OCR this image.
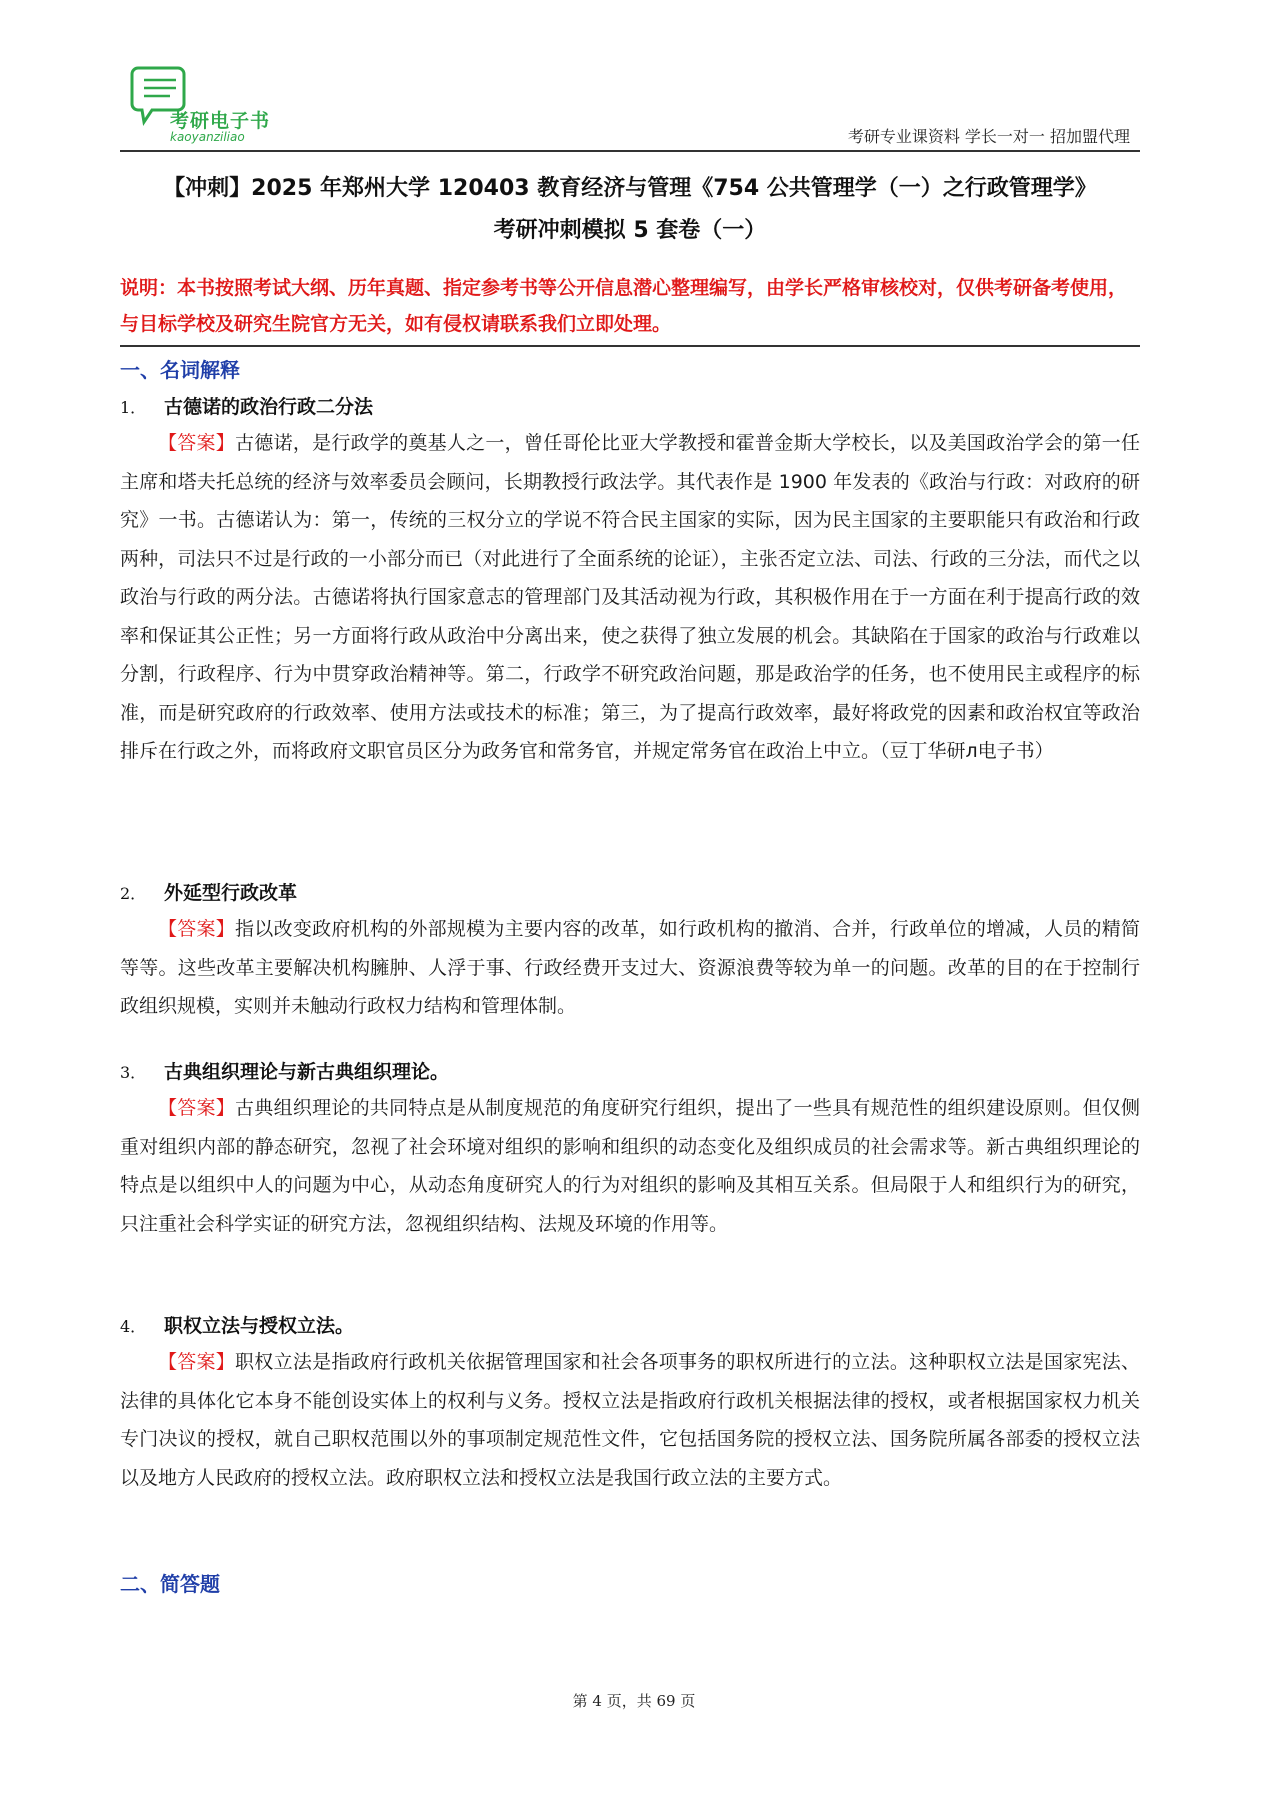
考研电子书
kaoyanziliao	考研专业课资料 学长一对一 招加盟代理
【冲刺】2025 年郑州大学 120403 教育经济与管理《754 公共管理学（一）之行政管理学》
考研冲刺模拟 5 套卷（一）
说明：本书按照考试大纲、历年真题、指定参考书等公开信息潜心整理编写，由学长严格审核校对，仅供考研备考使用，与目标学校及研究生院官方无关，如有侵权请联系我们立即处理。
一、名词解释
1． 古德诺的政治行政二分法
【答案】古德诺，是行政学的奠基人之一，曾任哥伦比亚大学教授和霍普金斯大学校长，以及美国政治学会的第一任主席和塔夫托总统的经济与效率委员会顾问，长期教授行政法学。其代表作是 1900 年发表的《政治与行政：对政府的研究》一书。古德诺认为：第一，传统的三权分立的学说不符合民主国家的实际，因为民主国家的主要职能只有政治和行政两种，司法只不过是行政的一小部分而已（对此进行了全面系统的论证），主张否定立法、司法、行政的三分法，而代之以政治与行政的两分法。古德诺将执行国家意志的管理部门及其活动视为行政，其积极作用在于一方面在利于提高行政的效率和保证其公正性；另一方面将行政从政治中分离出来，使之获得了独立发展的机会。其缺陷在于国家的政治与行政难以分割，行政程序、行为中贯穿政治精神等。第二，行政学不研究政治问题，那是政治学的任务，也不使用民主或程序的标准，而是研究政府的行政效率、使用方法或技术的标准；第三，为了提高行政效率，最好将政党的因素和政治权宜等政治排斥在行政之外，而将政府文职官员区分为政务官和常务官，并规定常务官在政治上中立。（豆丁华研л电子书）
2． 外延型行政改革
【答案】指以改变政府机构的外部规模为主要内容的改革，如行政机构的撤消、合并，行政单位的增减，人员的精简等等。这些改革主要解决机构臃肿、人浮于事、行政经费开支过大、资源浪费等较为单一的问题。改革的目的在于控制行政组织规模，实则并未触动行政权力结构和管理体制。
3． 古典组织理论与新古典组织理论。
【答案】古典组织理论的共同特点是从制度规范的角度研究行组织，提出了一些具有规范性的组织建设原则。但仅侧重对组织内部的静态研究，忽视了社会环境对组织的影响和组织的动态变化及组织成员的社会需求等。新古典组织理论的特点是以组织中人的问题为中心，从动态角度研究人的行为对组织的影响及其相互关系。但局限于人和组织行为的研究，只注重社会科学实证的研究方法，忽视组织结构、法规及环境的作用等。
4． 职权立法与授权立法。
【答案】职权立法是指政府行政机关依据管理国家和社会各项事务的职权所进行的立法。这种职权立法是国家宪法、法律的具体化它本身不能创设实体上的权利与义务。授权立法是指政府行政机关根据法律的授权，或者根据国家权力机关专门决议的授权，就自己职权范围以外的事项制定规范性文件，它包括国务院的授权立法、国务院所属各部委的授权立法以及地方人民政府的授权立法。政府职权立法和授权立法是我国行政立法的主要方式。
二、简答题
第 4 页，共 69 页
